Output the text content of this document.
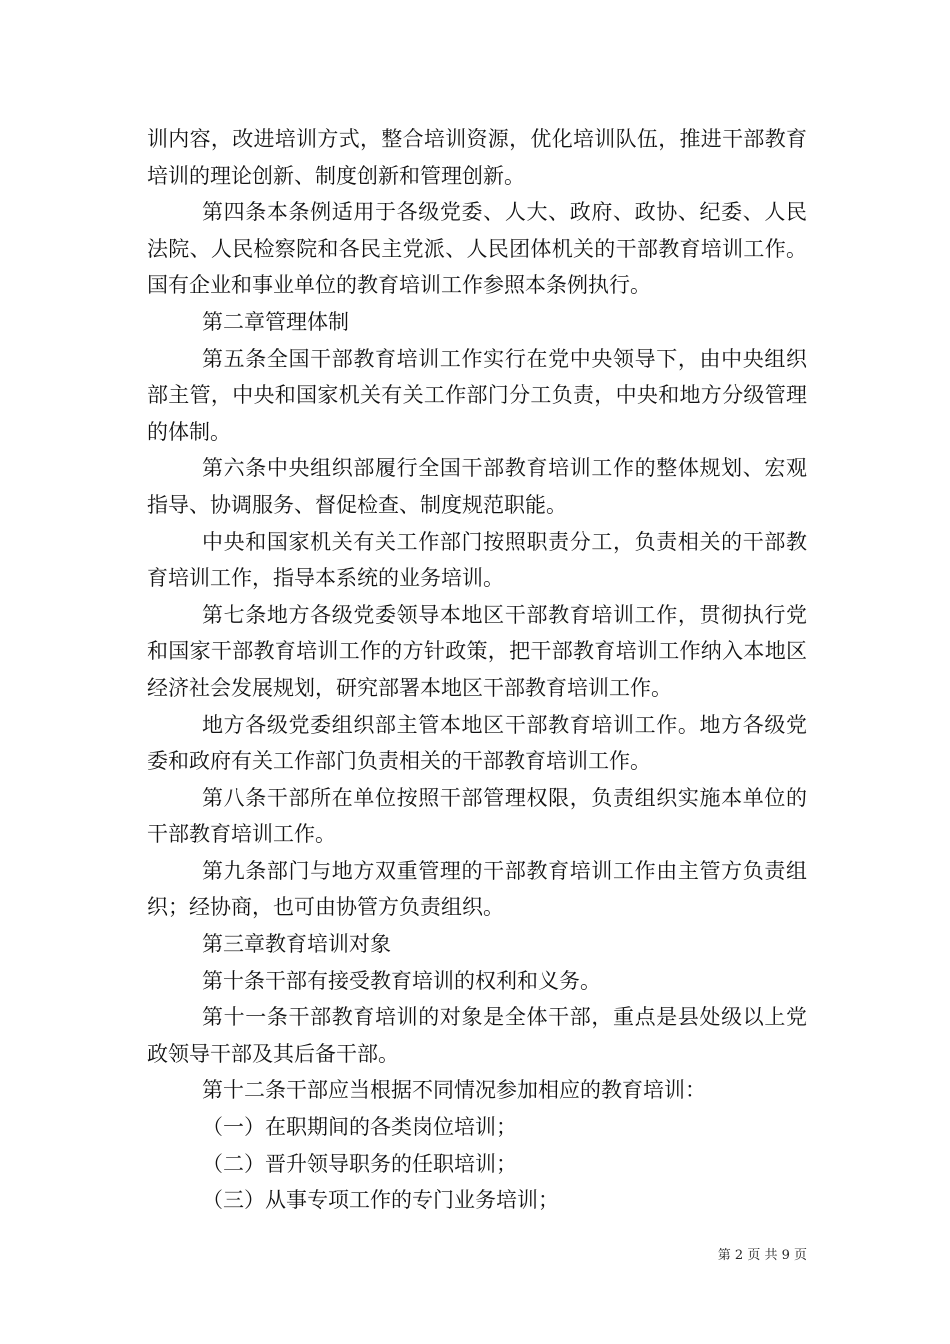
训内容，改进培训方式，整合培训资源，优化培训队伍，推进干部教育培训的理论创新、制度创新和管理创新。

第四条本条例适用于各级党委、人大、政府、政协、纪委、人民法院、人民检察院和各民主党派、人民团体机关的干部教育培训工作。国有企业和事业单位的教育培训工作参照本条例执行。

第二章管理体制

第五条全国干部教育培训工作实行在党中央领导下，由中央组织部主管，中央和国家机关有关工作部门分工负责，中央和地方分级管理的体制。

第六条中央组织部履行全国干部教育培训工作的整体规划、宏观指导、协调服务、督促检查、制度规范职能。

中央和国家机关有关工作部门按照职责分工，负责相关的干部教育培训工作，指导本系统的业务培训。

第七条地方各级党委领导本地区干部教育培训工作，贯彻执行党和国家干部教育培训工作的方针政策，把干部教育培训工作纳入本地区经济社会发展规划，研究部署本地区干部教育培训工作。

地方各级党委组织部主管本地区干部教育培训工作。地方各级党委和政府有关工作部门负责相关的干部教育培训工作。

第八条干部所在单位按照干部管理权限，负责组织实施本单位的干部教育培训工作。

第九条部门与地方双重管理的干部教育培训工作由主管方负责组织；经协商，也可由协管方负责组织。

第三章教育培训对象

第十条干部有接受教育培训的权利和义务。

第十一条干部教育培训的对象是全体干部，重点是县处级以上党政领导干部及其后备干部。

第十二条干部应当根据不同情况参加相应的教育培训：

（一）在职期间的各类岗位培训；

（二）晋升领导职务的任职培训；

（三）从事专项工作的专门业务培训；

第 2 页 共 9 页
